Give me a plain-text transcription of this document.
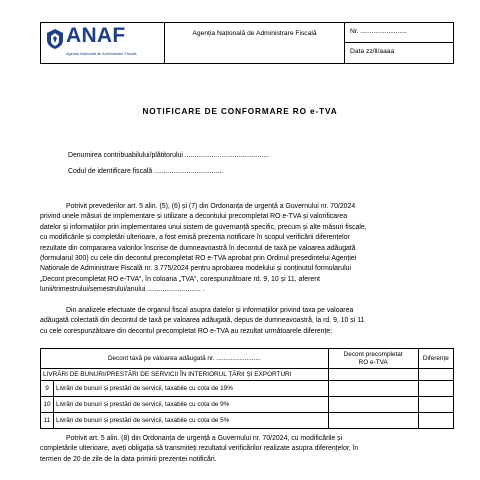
ANAF
Agenția Națională de Administrare Fiscală
Agenția Națională de Administrare Fiscală	Nr. .........................
Data zz/ll/aaaa
NOTIFICARE DE CONFORMARE RO e-TVA
Denumirea contribuabilului/plătitorului ............................................
Codul de identificare fiscală ....................................
Potrivit prevederilor art. 5 alin. (5), (6) și (7) din Ordonanța de urgență a Guvernului nr. 70/2024
privind unele măsuri de implementare și utilizare a decontului precompletat RO e-TVA și valorificarea
datelor și informațiilor prin implementarea unui sistem de guvernanță specific, precum și alte măsuri fiscale,
cu modificările și completări ulterioare, a fost emisă prezenta notificare în scopul verificării diferențelor
rezultate din compararea valorilor înscrise de dumneavoastră în decontul de taxă pe valoarea adăugată
(formularul 300) cu cele din decontul precompletat RO e-TVA aprobat prin Ordinul președintelui Agenției
Naționale de Administrare Fiscală nr. 3.775/2024 pentru aprobarea modelului și conținutul formularului
„Decont precompletat RO e-TVA”, în coloana „TVA”, corespunzătoare rd. 9, 10 și 11, aferent
lunii/trimestrului/semestrului/anului ............................ .
Din analizele efectuate de organul fiscal asupra datelor și informațiilor privind taxa pe valoarea
adăugată colectată din decontul de taxă pe valoarea adăugată, depus de dumneavoastră, la rd. 9, 10 și 11
cu cele corespunzătoare din decontul precompletat RO e-TVA au rezultat următoarele diferențe:
Decont taxă pe valoarea adăugată nr. .........................		Decont precompletat
RO e-TVA	Diferențe
LIVRĂRI DE BUNURI/PRESTĂRI DE SERVICII ÎN INTERIORUL ȚĂRII ȘI EXPORTURI			
9	Livrări de bunuri și prestări de servicii, taxabile cu cota de 19%		
10	Livrări de bunuri și prestări de servicii, taxabile cu cota de 9%		
11	Livrări de bunuri și prestări de servicii, taxabile cu cota de 5%		
Potrivit art. 5 alin. (8) din Ordonanța de urgență a Guvernului nr. 70/2024, cu modificările și
completările ulterioare, aveți obligația să transmiteți rezultatul verificărilor realizate asupra diferențelor, în
termen de 20 de zile de la data primirii prezentei notificări.
